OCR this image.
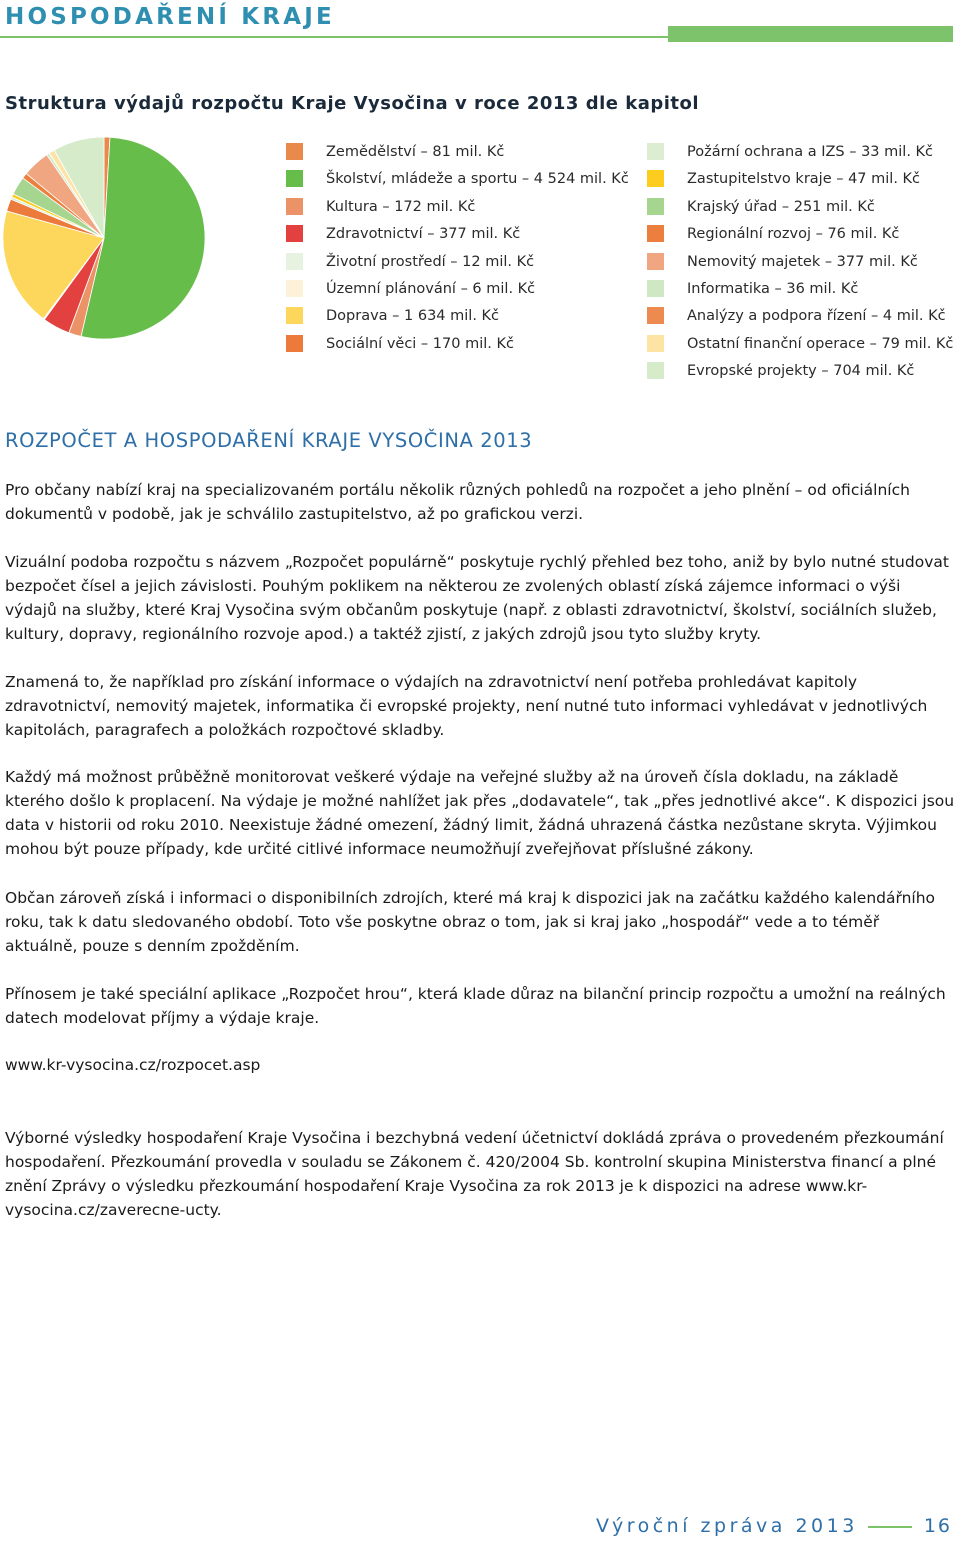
HOSPODAŘENÍ KRAJE
Struktura výdajů rozpočtu Kraje Vysočina v roce 2013 dle kapitol
ROZPOČET A HOSPODAŘENÍ KRAJE VYSOČINA 2013

Pro občany nabízí kraj na specializovaném portálu několik různých pohledů na rozpočet a jeho plnění – od oficiálních dokumentů v podobě, jak je schválilo zastupitelstvo, až po grafickou verzi.

Vizuální podoba rozpočtu s názvem „Rozpočet populárně“ poskytuje rychlý přehled bez toho, aniž by bylo nutné studovat bezpočet čísel a jejich závislosti. Pouhým poklikem na některou ze zvolených oblastí získá zájemce informaci o výši výdajů na služby, které Kraj Vysočina svým občanům poskytuje (např. z oblasti zdravotnictví, školství, sociálních služeb, kultury, dopravy, regionálního rozvoje apod.) a taktéž zjistí, z jakých zdrojů jsou tyto služby kryty.

Znamená to, že například pro získání informace o výdajích na zdravotnictví není potřeba prohledávat kapitoly zdravotnictví, nemovitý majetek, informatika či evropské projekty, není nutné tuto informaci vyhledávat v jednotlivých kapitolách, paragrafech a položkách rozpočtové skladby.

Každý má možnost průběžně monitorovat veškeré výdaje na veřejné služby až na úroveň čísla dokladu, na základě kterého došlo k proplacení. Na výdaje je možné nahlížet jak přes „dodavatele“, tak „přes jednotlivé akce“. K dispozici jsou data v historii od roku 2010. Neexistuje žádné omezení, žádný limit, žádná uhrazená částka nezůstane skryta. Výjimkou mohou být pouze případy, kde určité citlivé informace neumožňují zveřejňovat příslušné zákony.

Občan zároveň získá i informaci o disponibilních zdrojích, které má kraj k dispozici jak na začátku každého kalendářního roku, tak k datu sledovaného období. Toto vše poskytne obraz o tom, jak si kraj jako „hospodář“ vede a to téměř aktuálně, pouze s denním zpožděním.

Přínosem je také speciální aplikace „Rozpočet hrou“, která klade důraz na bilanční princip rozpočtu a umožní na reálných datech modelovat příjmy a výdaje kraje.

www.kr-vysocina.cz/rozpocet.asp

Výborné výsledky hospodaření Kraje Vysočina i bezchybná vedení účetnictví dokládá zpráva o provedeném přezkoumání hospodaření. Přezkoumání provedla v souladu se Zákonem č. 420/2004 Sb. kontrolní skupina Ministerstva financí a plné znění Zprávy o výsledku přezkoumání hospodaření Kraje Vysočina za rok 2013 je k dispozici na adrese www.kr-vysocina.cz/zaverecne-ucty.

Výroční zpráva 2013	16
Zemědělství – 81 mil. Kč
Školství, mládeže a sportu – 4 524 mil. Kč
Kultura – 172 mil. Kč
Zdravotnictví – 377 mil. Kč
Životní prostředí – 12 mil. Kč
Územní plánování – 6 mil. Kč
Doprava – 1 634 mil. Kč
Sociální věci – 170 mil. Kč
Požární ochrana a IZS – 33 mil. Kč
Zastupitelstvo kraje – 47 mil. Kč
Krajský úřad – 251 mil. Kč
Regionální rozvoj – 76 mil. Kč
Nemovitý majetek – 377 mil. Kč
Informatika – 36 mil. Kč
Analýzy a podpora řízení – 4 mil. Kč
Ostatní finanční operace – 79 mil. Kč
Evropské projekty – 704 mil. Kč
